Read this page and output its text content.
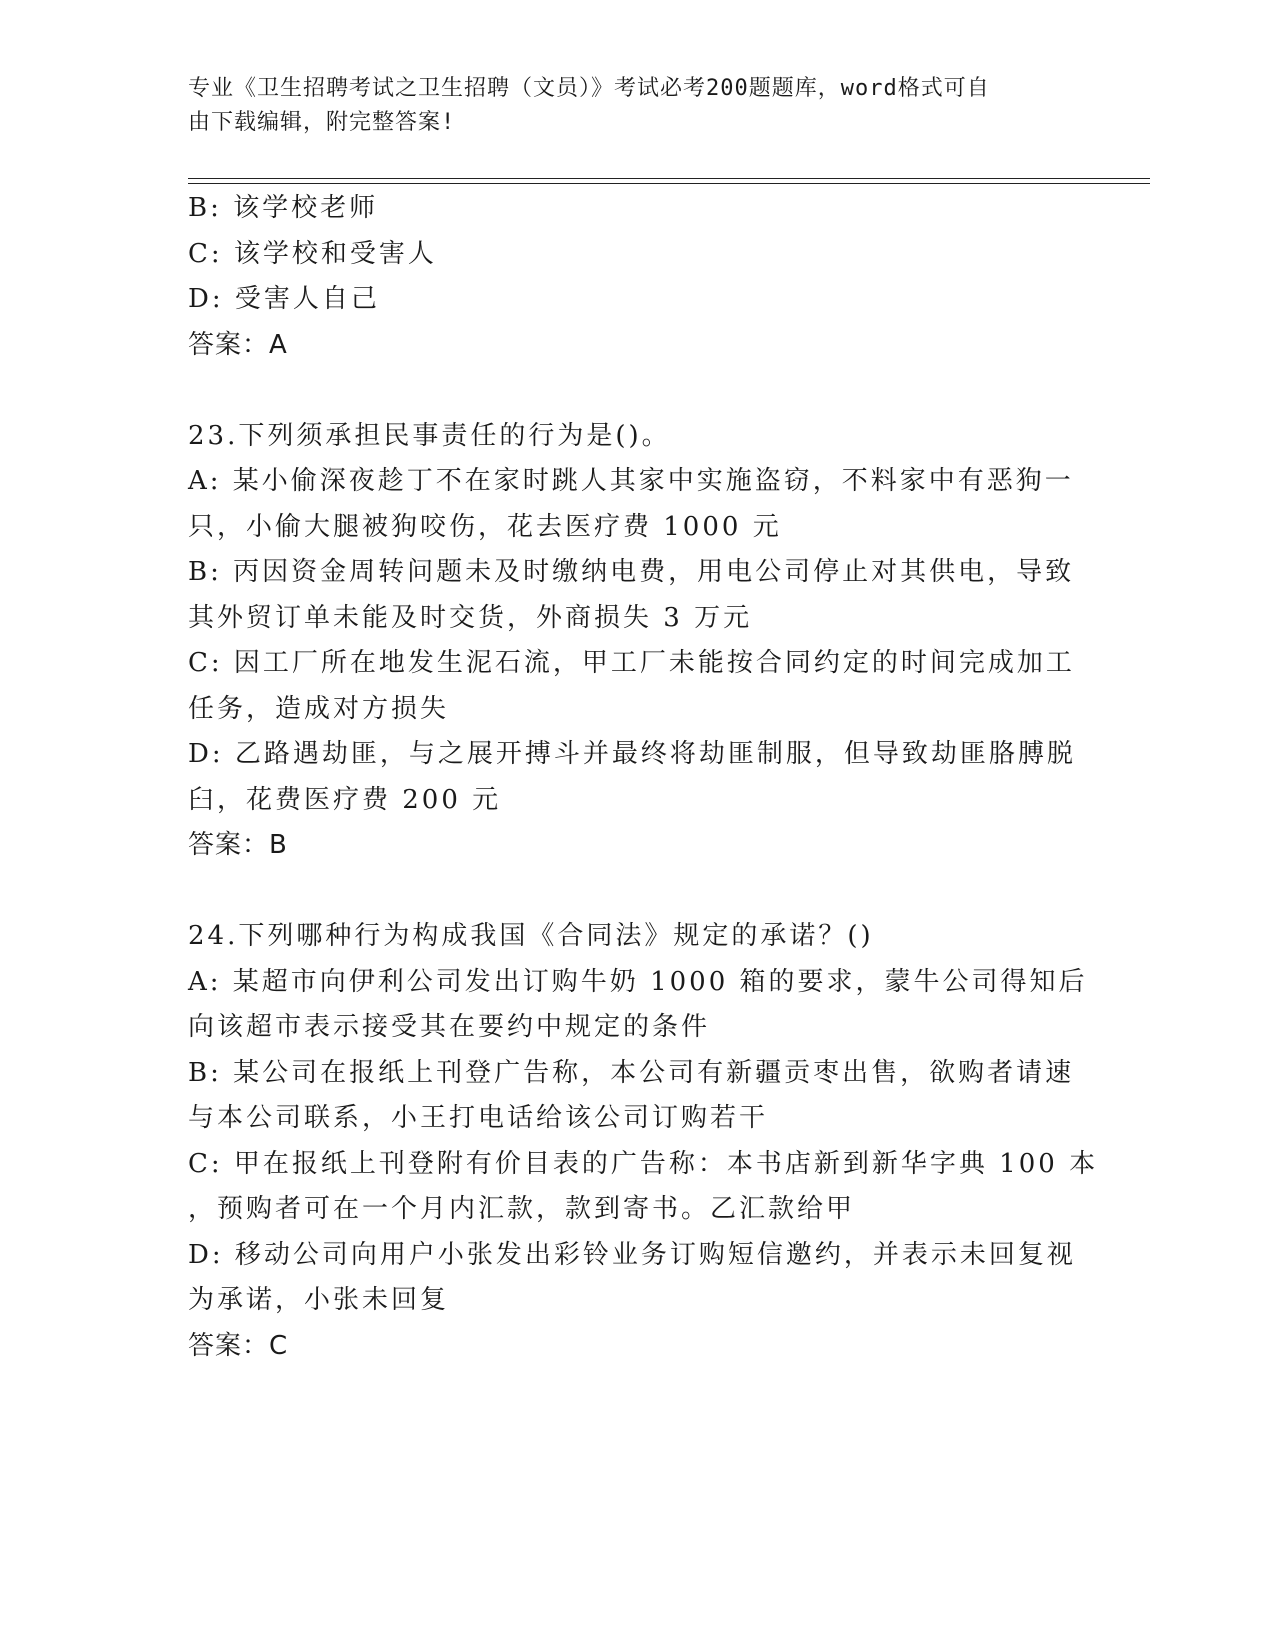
专业《卫生招聘考试之卫生招聘（文员）》考试必考200题题库，word格式可自
由下载编辑，附完整答案!

B: 该学校老师

C: 该学校和受害人

D: 受害人自己

答案：A

23.下列须承担民事责任的行为是()。

A: 某小偷深夜趁丁不在家时跳人其家中实施盗窃，不料家中有恶狗一

只，小偷大腿被狗咬伤，花去医疗费 1000 元

B: 丙因资金周转问题未及时缴纳电费，用电公司停止对其供电，导致

其外贸订单未能及时交货，外商损失 3 万元

C: 因工厂所在地发生泥石流，甲工厂未能按合同约定的时间完成加工

任务，造成对方损失

D: 乙路遇劫匪，与之展开搏斗并最终将劫匪制服，但导致劫匪胳膊脱

臼，花费医疗费 200 元

答案：B

24.下列哪种行为构成我国《合同法》规定的承诺？()

A: 某超市向伊利公司发出订购牛奶 1000 箱的要求，蒙牛公司得知后

向该超市表示接受其在要约中规定的条件

B: 某公司在报纸上刊登广告称，本公司有新疆贡枣出售，欲购者请速

与本公司联系，小王打电话给该公司订购若干

C: 甲在报纸上刊登附有价目表的广告称：本书店新到新华字典 100 本

，预购者可在一个月内汇款，款到寄书。乙汇款给甲

D: 移动公司向用户小张发出彩铃业务订购短信邀约，并表示未回复视

为承诺，小张未回复

答案：C
